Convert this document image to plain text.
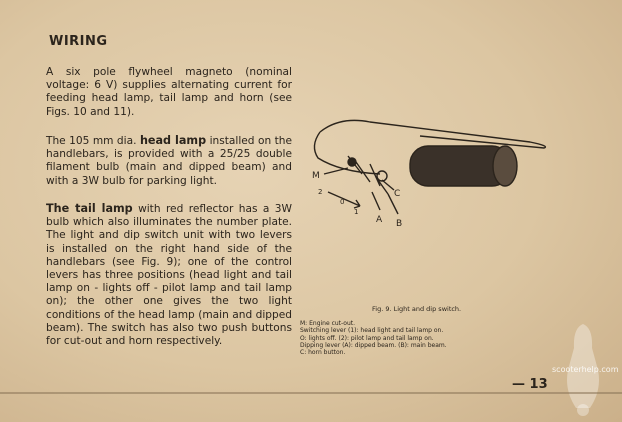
WIRING

A six pole flywheel magneto (nominal voltage: 6 V) supplies alternating current for feeding head lamp, tail lamp and horn (see Figs. 10 and 11).

The 105 mm dia. head lamp installed on the handlebars, is provided with a 25/25 double filament bulb (main and dipped beam) and with a 3W bulb for parking light.

The tail lamp with red reflector has a 3W bulb which also illuminates the number plate. The light and dip switch unit with two levers is installed on the right hand side of the handlebars (see Fig. 9); one of the control levers has three positions (head light and tail lamp on - lights off - pilot lamp and tail lamp on); the other one gives the two light conditions of the head lamp (main and dipped beam). The switch has also two push buttons for cut-out and horn respectively.

M
C
A B
2
0
1
Fig. 9. Light and dip switch.
M: Engine cut-out.
Switching lever (1): head light and tail lamp on.
O: lights off. (2): pilot lamp and tail lamp on.
Dipping lever (A): dipped beam. (B): main beam.
C: horn button.
— 13
scooterhelp.com
